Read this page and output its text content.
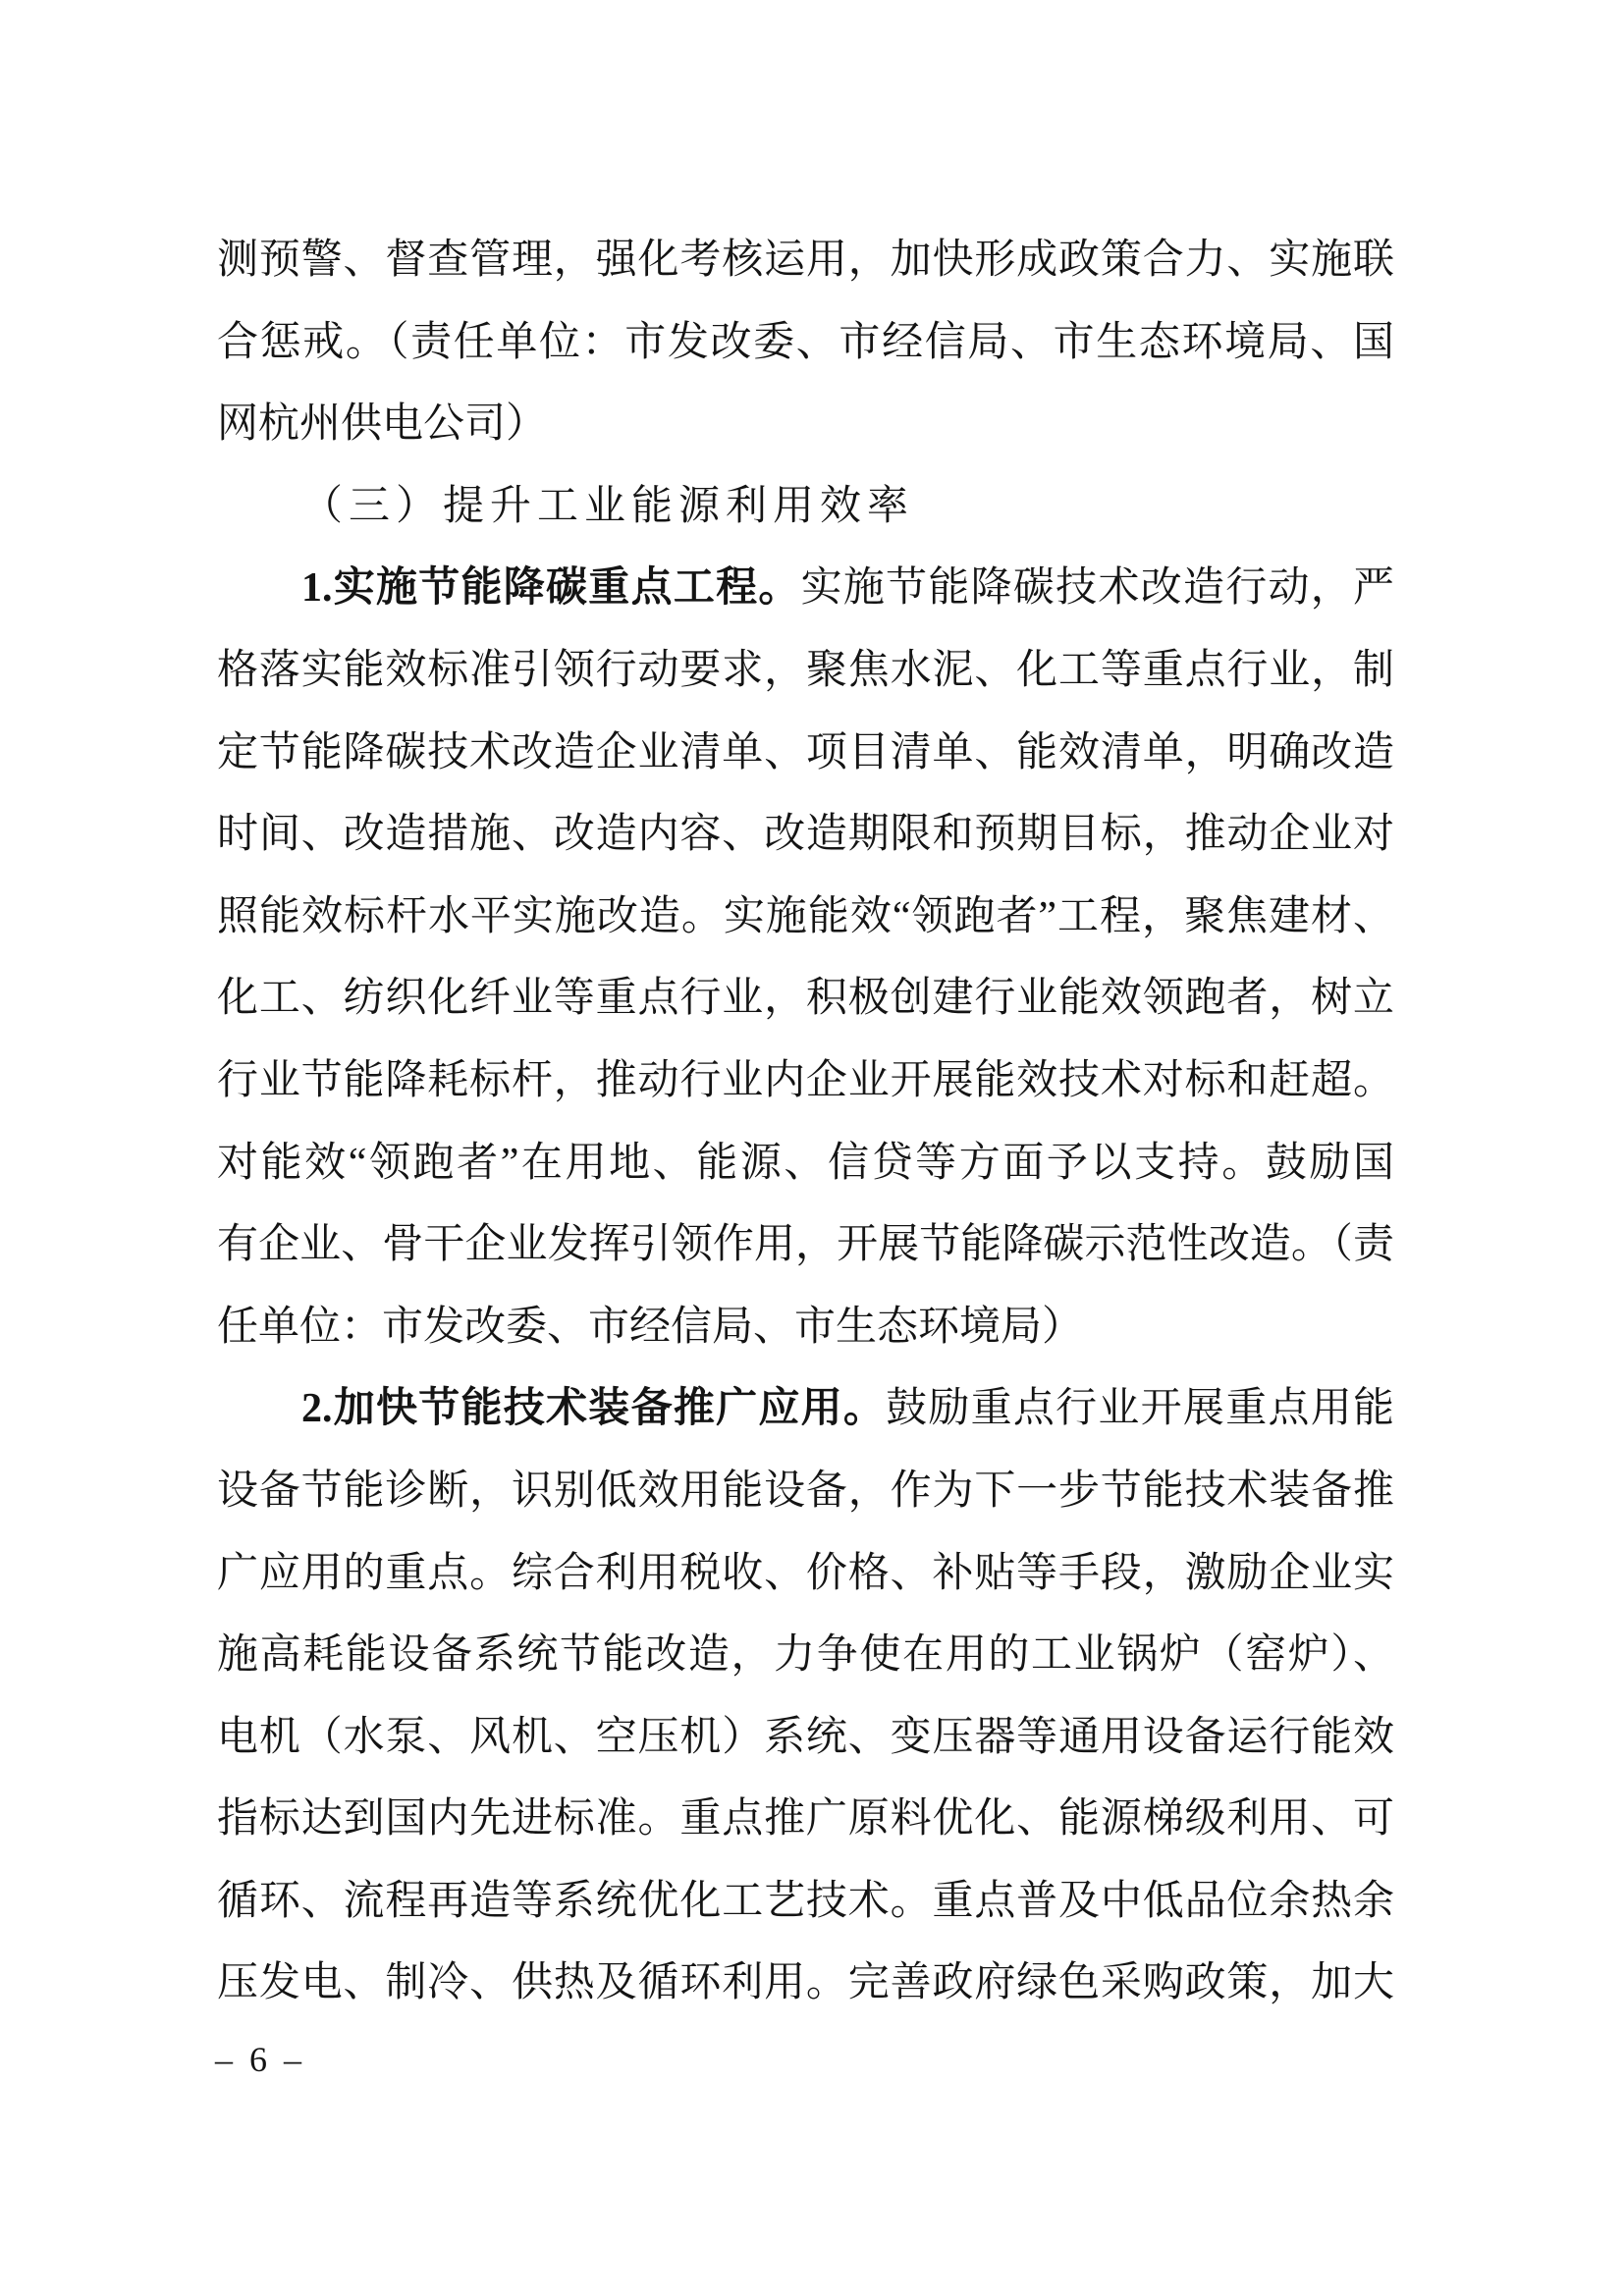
测预警、督查管理，强化考核运用，加快形成政策合力、实施联
合惩戒。（责任单位：市发改委、市经信局、市生态环境局、国
网杭州供电公司）
（三）提升工业能源利用效率
1.实施节能降碳重点工程。实施节能降碳技术改造行动，严
格落实能效标准引领行动要求，聚焦水泥、化工等重点行业，制
定节能降碳技术改造企业清单、项目清单、能效清单，明确改造
时间、改造措施、改造内容、改造期限和预期目标，推动企业对
照能效标杆水平实施改造。实施能效“领跑者”工程，聚焦建材、
化工、纺织化纤业等重点行业，积极创建行业能效领跑者，树立
行业节能降耗标杆，推动行业内企业开展能效技术对标和赶超。
对能效“领跑者”在用地、能源、信贷等方面予以支持。鼓励国
有企业、骨干企业发挥引领作用，开展节能降碳示范性改造。（责
任单位：市发改委、市经信局、市生态环境局）
2.加快节能技术装备推广应用。鼓励重点行业开展重点用能
设备节能诊断，识别低效用能设备，作为下一步节能技术装备推
广应用的重点。综合利用税收、价格、补贴等手段，激励企业实
施高耗能设备系统节能改造，力争使在用的工业锅炉（窑炉）、
电机（水泵、风机、空压机）系统、变压器等通用设备运行能效
指标达到国内先进标准。重点推广原料优化、能源梯级利用、可
循环、流程再造等系统优化工艺技术。重点普及中低品位余热余
压发电、制冷、供热及循环利用。完善政府绿色采购政策，加大
– 6 –
